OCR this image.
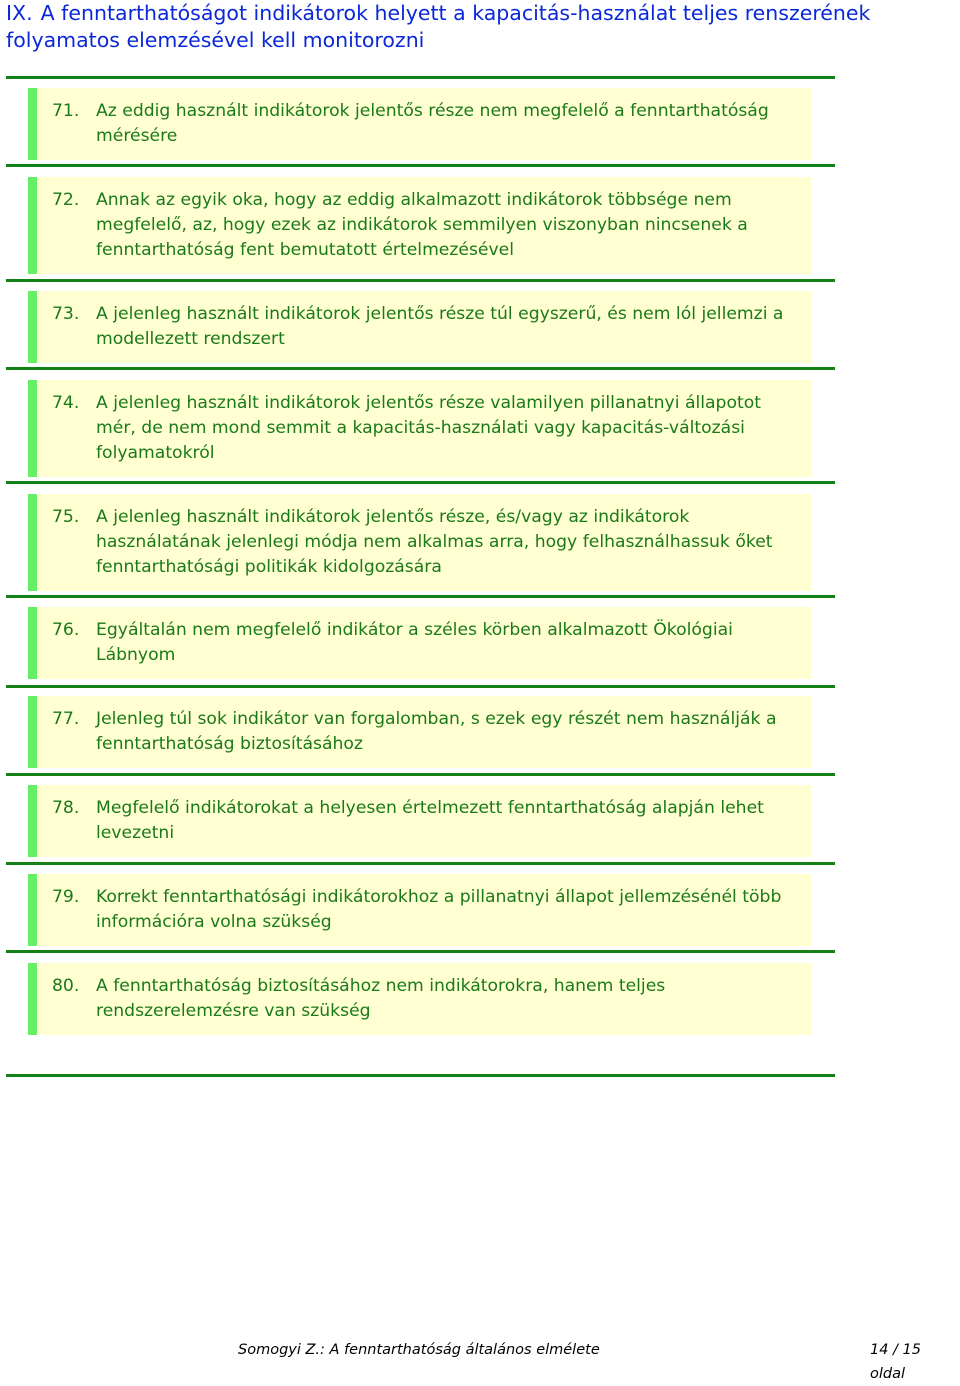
IX. A fenntarthatóságot indikátorok helyett a kapacitás-használat teljes renszerének folyamatos elemzésével kell monitorozni
71. Az eddig használt indikátorok jelentős része nem megfelelő a fenntarthatóság mérésére
72. Annak az egyik oka, hogy az eddig alkalmazott indikátorok többsége nem megfelelő, az, hogy ezek az indikátorok semmilyen viszonyban nincsenek a fenntarthatóság fent bemutatott értelmezésével
73. A jelenleg használt indikátorok jelentős része túl egyszerű, és nem lól jellemzi a modellezett rendszert
74. A jelenleg használt indikátorok jelentős része valamilyen pillanatnyi állapotot mér, de nem mond semmit a kapacitás-használati vagy kapacitás-változási folyamatokról
75. A jelenleg használt indikátorok jelentős része, és/vagy az indikátorok használatának jelenlegi módja nem alkalmas arra, hogy felhasználhassuk őket fenntarthatósági politikák kidolgozására
76. Egyáltalán nem megfelelő indikátor a széles körben alkalmazott Ökológiai Lábnyom
77. Jelenleg túl sok indikátor van forgalomban, s ezek egy részét nem használják a fenntarthatóság biztosításához
78. Megfelelő indikátorokat a helyesen értelmezett fenntarthatóság alapján lehet levezetni
79. Korrekt fenntarthatósági indikátorokhoz a pillanatnyi állapot jellemzésénél több információra volna szükség
80. A fenntarthatóság biztosításához nem indikátorokra, hanem teljes rendszerelemzésre van szükség
Somogyi Z.: A fenntarthatóság általános elmélete	14 / 15 oldal
